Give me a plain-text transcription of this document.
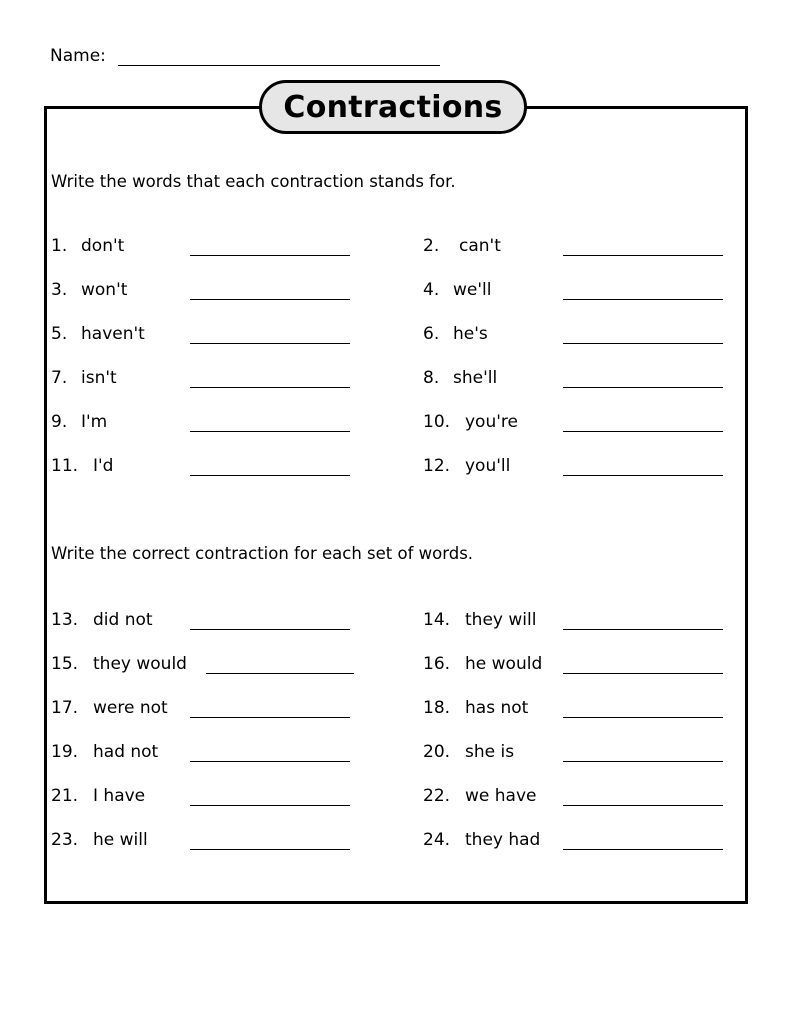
Name:
Contractions
Write the words that each contraction stands for.
1. don't	2. can't
3. won't	4. we'll
5. haven't	6. he's
7. isn't	8. she'll
9. I'm	10. you're
11. I'd	12. you'll
Write the correct contraction for each set of words.
13. did not	14. they will
15. they would	16. he would
17. were not	18. has not
19. had not	20. she is
21. I have	22. we have
23. he will	24. they had
